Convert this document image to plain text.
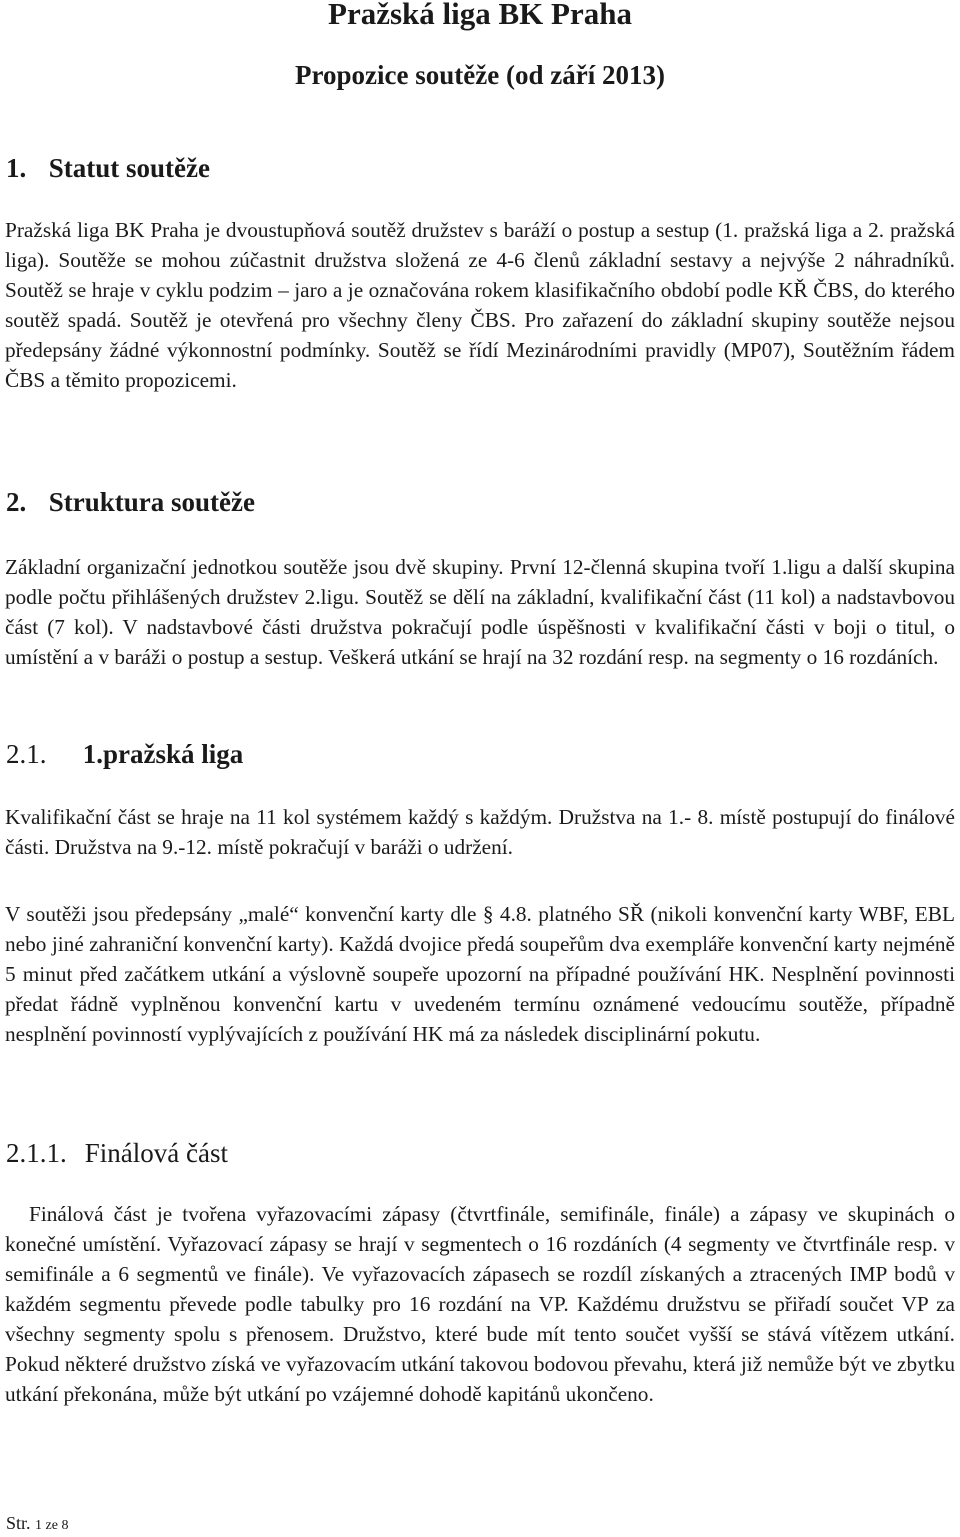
Pražská liga BK Praha
Propozice soutěže (od září 2013)
1. Statut soutěže

Pražská liga BK Praha je dvoustupňová soutěž družstev s baráží o postup a sestup (1. pražská liga a 2. pražská liga). Soutěže se mohou zúčastnit družstva složená ze 4-6 členů základní sestavy a nejvýše 2 náhradníků. Soutěž se hraje v cyklu podzim – jaro a je označována rokem klasifikačního období podle KŘ ČBS, do kterého soutěž spadá. Soutěž je otevřená pro všechny členy ČBS. Pro zařazení do základní skupiny soutěže nejsou předepsány žádné výkonnostní podmínky. Soutěž se řídí Mezinárodními pravidly (MP07), Soutěžním řádem ČBS a těmito propozicemi.

2. Struktura soutěže

Základní organizační jednotkou soutěže jsou dvě skupiny. První 12-členná skupina tvoří 1.ligu a další skupina podle počtu přihlášených družstev 2.ligu. Soutěž se dělí na základní, kvalifikační část (11 kol) a nadstavbovou část (7 kol). V nadstavbové části družstva pokračují podle úspěšnosti v kvalifikační části v boji o titul, o umístění a v baráži o postup a sestup. Veškerá utkání se hrají na 32 rozdání resp. na segmenty o 16 rozdáních.

2.1. 1.pražská liga

Kvalifikační část se hraje na 11 kol systémem každý s každým. Družstva na 1.- 8. místě postupují do finálové části. Družstva na 9.-12. místě pokračují v baráži o udržení.

V soutěži jsou předepsány „malé“ konvenční karty dle § 4.8. platného SŘ (nikoli konvenční karty WBF, EBL nebo jiné zahraniční konvenční karty). Každá dvojice předá soupeřům dva exempláře konvenční karty nejméně 5 minut před začátkem utkání a výslovně soupeře upozorní na případné používání HK. Nesplnění povinnosti předat řádně vyplněnou konvenční kartu v uvedeném termínu oznámené vedoucímu soutěže, případně nesplnění povinností vyplývajících z používání HK má za následek disciplinární pokutu.

2.1.1. Finálová část

Finálová část je tvořena vyřazovacími zápasy (čtvrtfinále, semifinále, finále) a zápasy ve skupinách o konečné umístění. Vyřazovací zápasy se hrají v segmentech o 16 rozdáních (4 segmenty ve čtvrtfinále resp. v semifinále a 6 segmentů ve finále). Ve vyřazovacích zápasech se rozdíl získaných a ztracených IMP bodů v každém segmentu převede podle tabulky pro 16 rozdání na VP. Každému družstvu se přiřadí součet VP za všechny segmenty spolu s přenosem. Družstvo, které bude mít tento součet vyšší se stává vítězem utkání. Pokud některé družstvo získá ve vyřazovacím utkání takovou bodovou převahu, která již nemůže být ve zbytku utkání překonána, může být utkání po vzájemné dohodě kapitánů ukončeno.

Str. 1 ze 8
